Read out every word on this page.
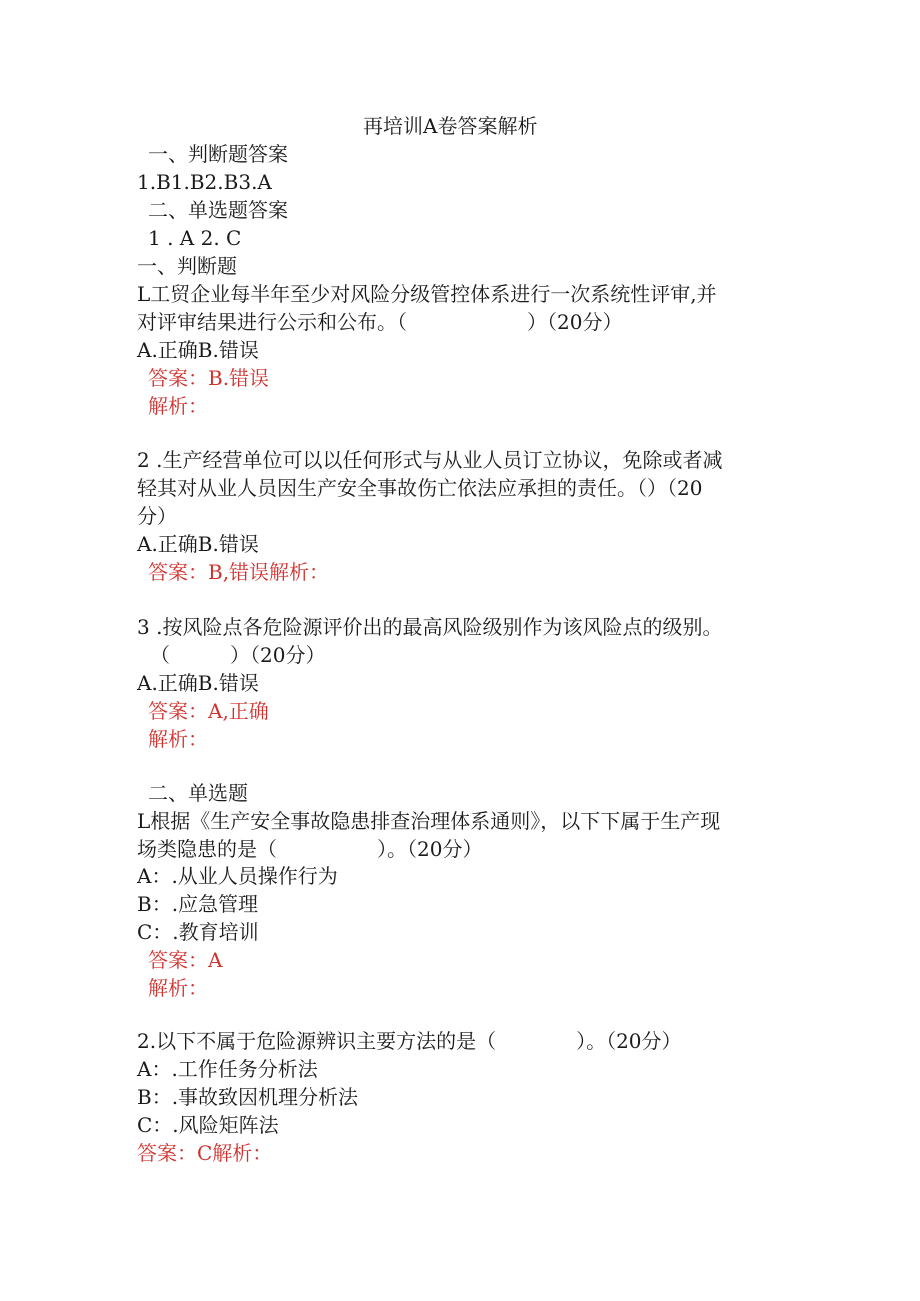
再培训A卷答案解析
一、判断题答案
1.B1.B2.B3.A
二、单选题答案
1 . A 2. C
一、判断题
L工贸企业每半年至少对风险分级管控体系进行一次系统性评审,并
对评审结果进行公示和公布。（　　　　　　）（20分）
A.正确B.错误
答案：B.错误
解析：
2 .生产经营单位可以以任何形式与从业人员订立协议，免除或者减
轻其对从业人员因生产安全事故伤亡依法应承担的责任。（）（20
分）
A.正确B.错误
答案：B,错误解析：
3 .按风险点各危险源评价出的最高风险级别作为该风险点的级别。
（　　　）（20分）
A.正确B.错误
答案：A,正确
解析：
二、单选题
L根据《生产安全事故隐患排查治理体系通则》，以下下属于生产现
场类隐患的是（　　　　　）。（20分）
A：.从业人员操作行为
B：.应急管理
C：.教育培训
答案：A
解析：
2.以下不属于危险源辨识主要方法的是（　　　　）。（20分）
A：.工作任务分析法
B：.事故致因机理分析法
C：.风险矩阵法
答案：C解析：
